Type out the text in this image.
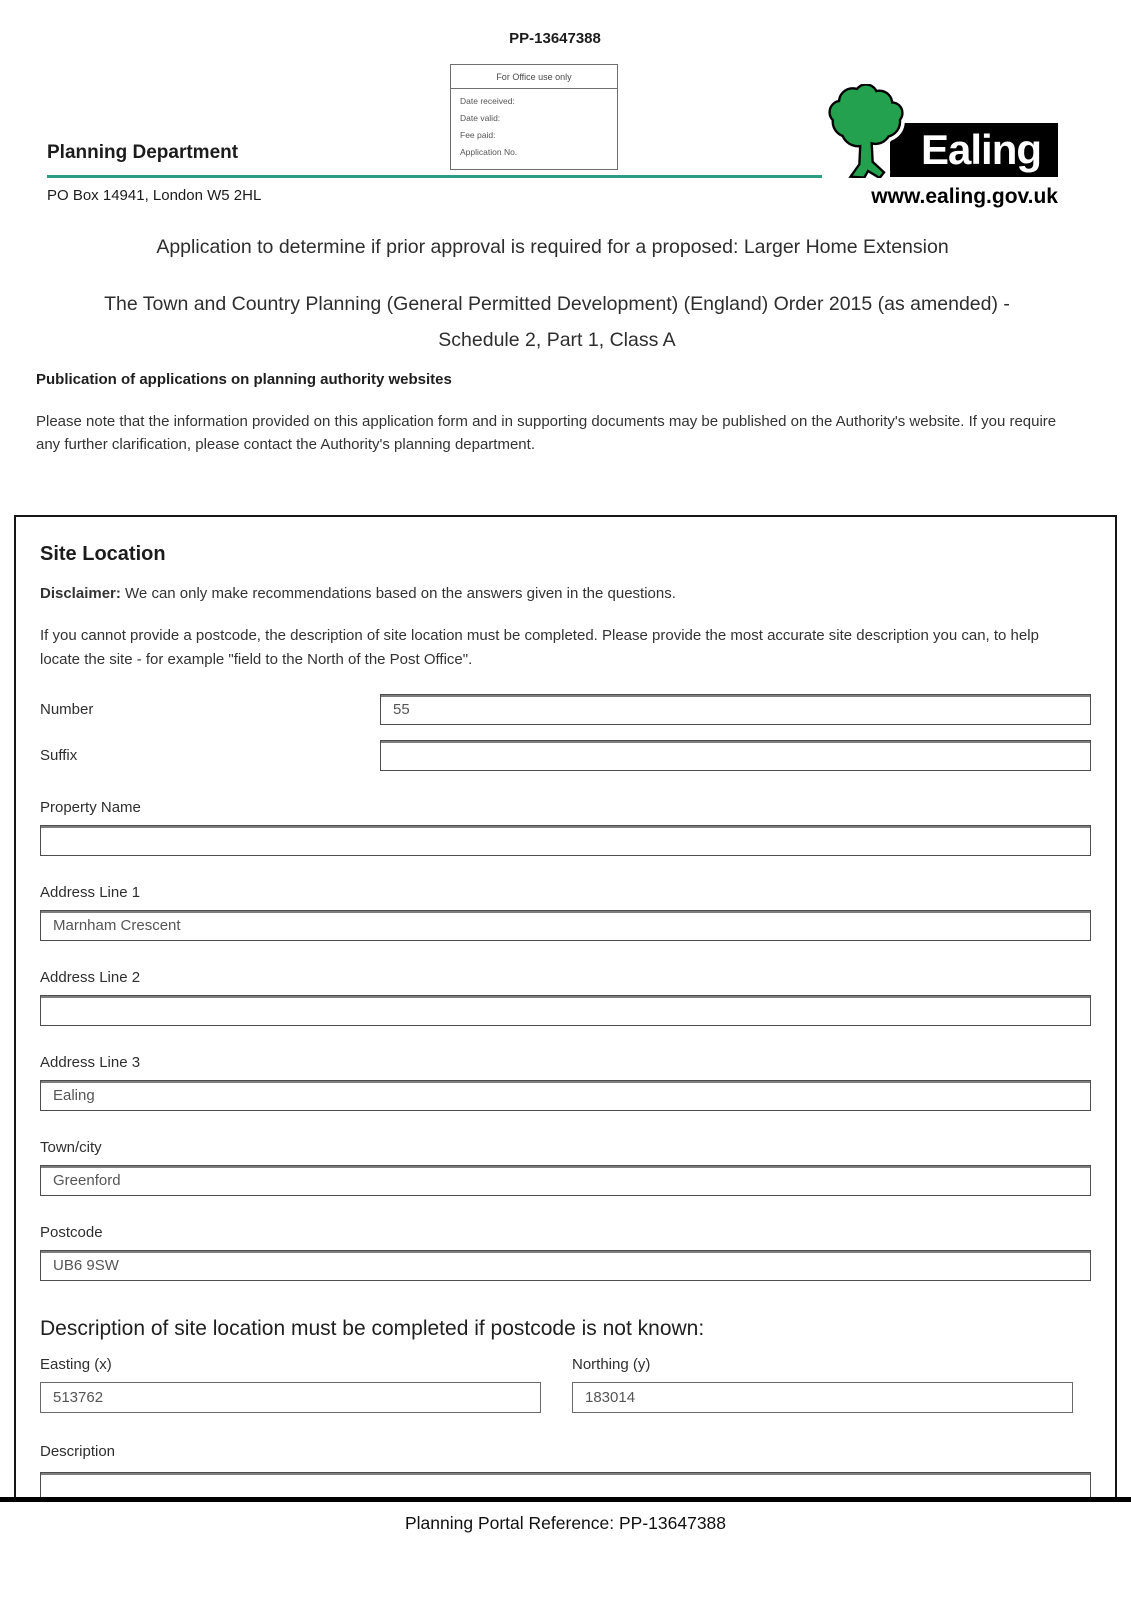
PP-13647388
For Office use only
Date received:
Date valid:
Fee paid:
Application No.
Planning Department
PO Box 14941, London W5 2HL
Ealing
www.ealing.gov.uk
Application to determine if prior approval is required for a proposed: Larger Home Extension
The Town and Country Planning (General Permitted Development) (England) Order 2015 (as amended) - Schedule 2, Part 1, Class A
Publication of applications on planning authority websites
Please note that the information provided on this application form and in supporting documents may be published on the Authority's website. If you require any further clarification, please contact the Authority's planning department.
Site Location

Disclaimer: We can only make recommendations based on the answers given in the questions.

If you cannot provide a postcode, the description of site location must be completed. Please provide the most accurate site description you can, to help locate the site - for example "field to the North of the Post Office".

Number
55
Suffix
Property Name
Address Line 1
Marnham Crescent
Address Line 2
Address Line 3
Ealing
Town/city
Greenford
Postcode
UB6 9SW
Description of site location must be completed if postcode is not known:
Easting (x)
513762	Northing (y)
183014
Description
Planning Portal Reference: PP-13647388
